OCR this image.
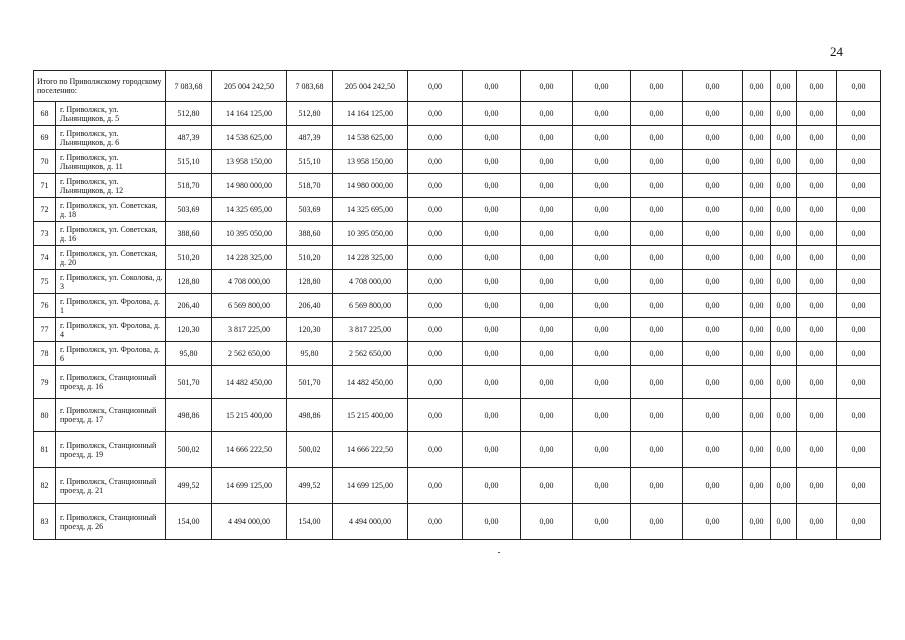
24
Итого по Приволжскому городскому поселению:		7 083,68	205 004 242,50	7 083,68	205 004 242,50	0,00	0,00	0,00	0,00	0,00	0,00	0,00	0,00	0,00	0,00
68	г. Приволжск, ул. Льнянщиков, д. 5	512,80	14 164 125,00	512,80	14 164 125,00	0,00	0,00	0,00	0,00	0,00	0,00	0,00	0,00	0,00	0,00
69	г. Приволжск, ул. Льнянщиков, д. 6	487,39	14 538 625,00	487,39	14 538 625,00	0,00	0,00	0,00	0,00	0,00	0,00	0,00	0,00	0,00	0,00
70	г. Приволжск, ул. Льнянщиков, д. 11	515,10	13 958 150,00	515,10	13 958 150,00	0,00	0,00	0,00	0,00	0,00	0,00	0,00	0,00	0,00	0,00
71	г. Приволжск, ул. Льнянщиков, д. 12	518,70	14 980 000,00	518,70	14 980 000,00	0,00	0,00	0,00	0,00	0,00	0,00	0,00	0,00	0,00	0,00
72	г. Приволжск, ул. Советская, д. 18	503,69	14 325 695,00	503,69	14 325 695,00	0,00	0,00	0,00	0,00	0,00	0,00	0,00	0,00	0,00	0,00
73	г. Приволжск, ул. Советская, д. 16	388,60	10 395 050,00	388,60	10 395 050,00	0,00	0,00	0,00	0,00	0,00	0,00	0,00	0,00	0,00	0,00
74	г. Приволжск, ул. Советская, д. 20	510,20	14 228 325,00	510,20	14 228 325,00	0,00	0,00	0,00	0,00	0,00	0,00	0,00	0,00	0,00	0,00
75	г. Приволжск, ул. Соколова, д. 3	128,80	4 708 000,00	128,80	4 708 000,00	0,00	0,00	0,00	0,00	0,00	0,00	0,00	0,00	0,00	0,00
76	г. Приволжск, ул. Фролова, д. 1	206,40	6 569 800,00	206,40	6 569 800,00	0,00	0,00	0,00	0,00	0,00	0,00	0,00	0,00	0,00	0,00
77	г. Приволжск, ул. Фролова, д. 4	120,30	3 817 225,00	120,30	3 817 225,00	0,00	0,00	0,00	0,00	0,00	0,00	0,00	0,00	0,00	0,00
78	г. Приволжск, ул. Фролова, д. 6	95,80	2 562 650,00	95,80	2 562 650,00	0,00	0,00	0,00	0,00	0,00	0,00	0,00	0,00	0,00	0,00
79	г. Приволжск, Станционный проезд, д. 16	501,70	14 482 450,00	501,70	14 482 450,00	0,00	0,00	0,00	0,00	0,00	0,00	0,00	0,00	0,00	0,00
80	г. Приволжск, Станционный проезд, д. 17	498,86	15 215 400,00	498,86	15 215 400,00	0,00	0,00	0,00	0,00	0,00	0,00	0,00	0,00	0,00	0,00
81	г. Приволжск, Станционный проезд, д. 19	500,02	14 666 222,50	500,02	14 666 222,50	0,00	0,00	0,00	0,00	0,00	0,00	0,00	0,00	0,00	0,00
82	г. Приволжск, Станционный проезд, д. 21	499,52	14 699 125,00	499,52	14 699 125,00	0,00	0,00	0,00	0,00	0,00	0,00	0,00	0,00	0,00	0,00
83	г. Приволжск, Станционный проезд, д. 26	154,00	4 494 000,00	154,00	4 494 000,00	0,00	0,00	0,00	0,00	0,00	0,00	0,00	0,00	0,00	0,00
